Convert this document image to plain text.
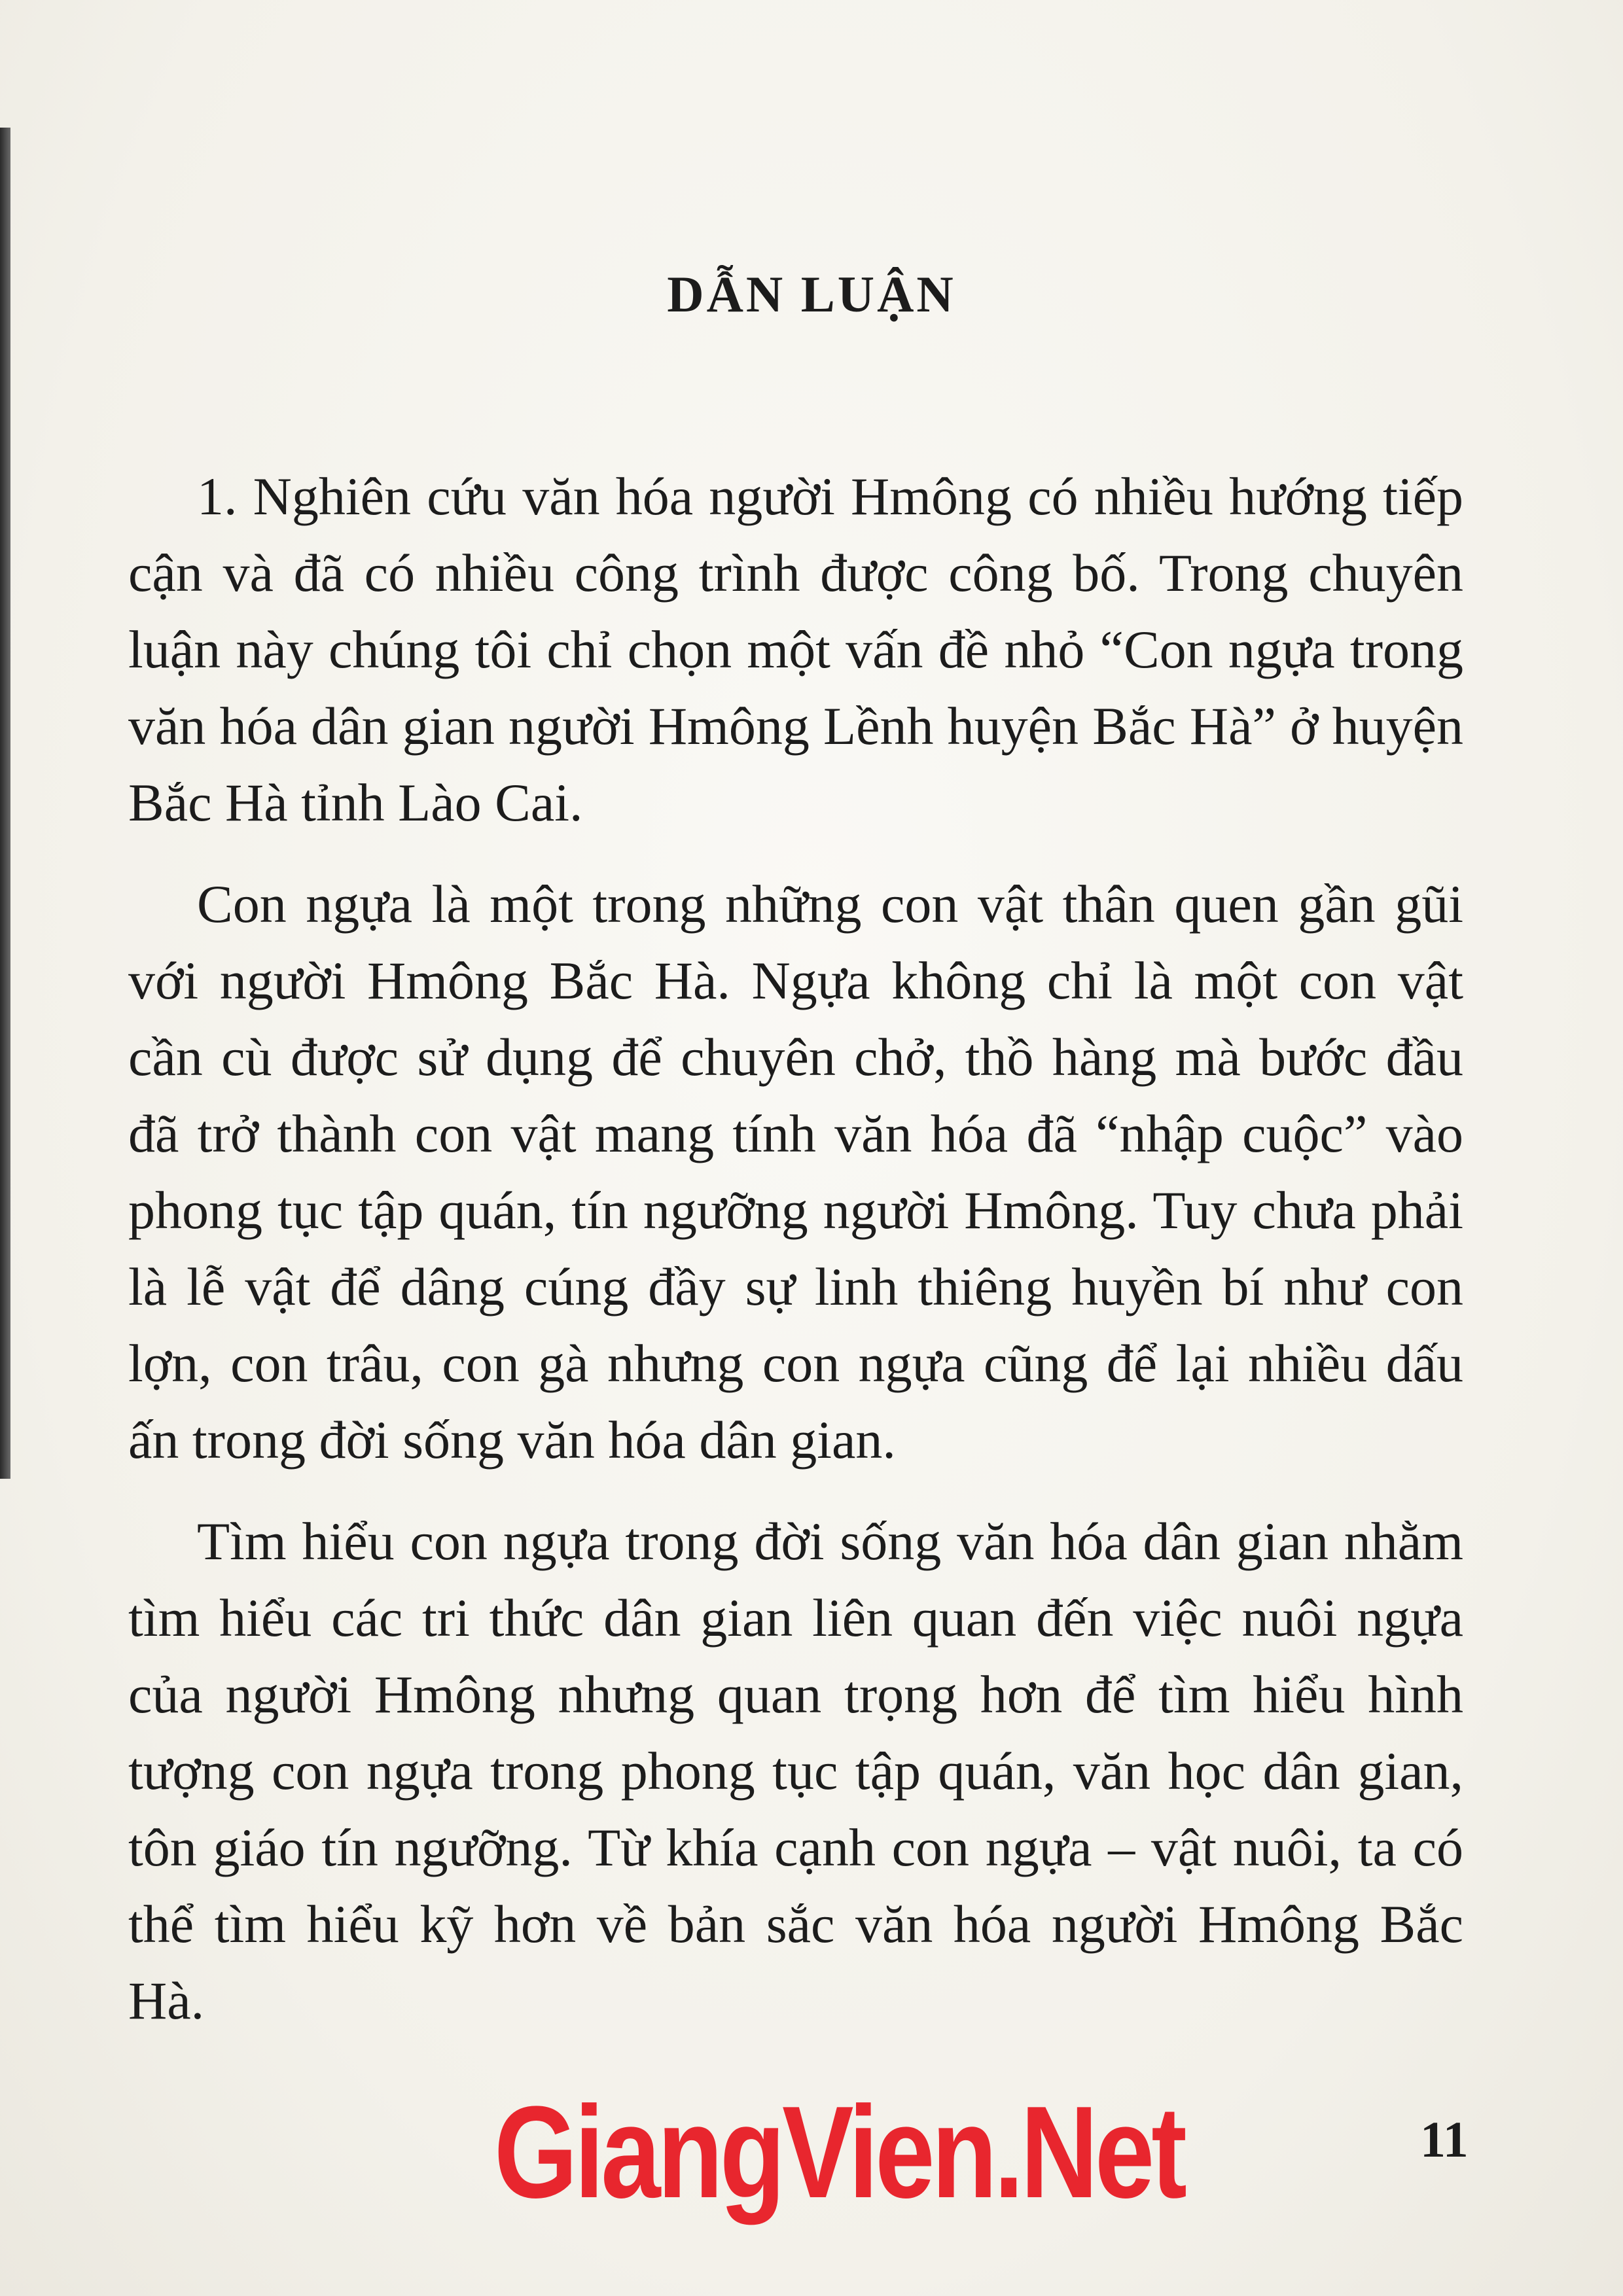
DẪN LUẬN

1. Nghiên cứu văn hóa người Hmông có nhiều hướng tiếp cận và đã có nhiều công trình được công bố. Trong chuyên luận này chúng tôi chỉ chọn một vấn đề nhỏ “Con ngựa trong văn hóa dân gian người Hmông Lềnh huyện Bắc Hà” ở huyện Bắc Hà tỉnh Lào Cai.

Con ngựa là một trong những con vật thân quen gần gũi với người Hmông Bắc Hà. Ngựa không chỉ là một con vật cần cù được sử dụng để chuyên chở, thồ hàng mà bước đầu đã trở thành con vật mang tính văn hóa đã “nhập cuộc” vào phong tục tập quán, tín ngưỡng người Hmông. Tuy chưa phải là lễ vật để dâng cúng đầy sự linh thiêng huyền bí như con lợn, con trâu, con gà nhưng con ngựa cũng để lại nhiều dấu ấn trong đời sống văn hóa dân gian.

Tìm hiểu con ngựa trong đời sống văn hóa dân gian nhằm tìm hiểu các tri thức dân gian liên quan đến việc nuôi ngựa của người Hmông nhưng quan trọng hơn để tìm hiểu hình tượng con ngựa trong phong tục tập quán, văn học dân gian, tôn giáo tín ngưỡng. Từ khía cạnh con ngựa – vật nuôi, ta có thể tìm hiểu kỹ hơn về bản sắc văn hóa người Hmông Bắc Hà.

GiangVien.Net	11
